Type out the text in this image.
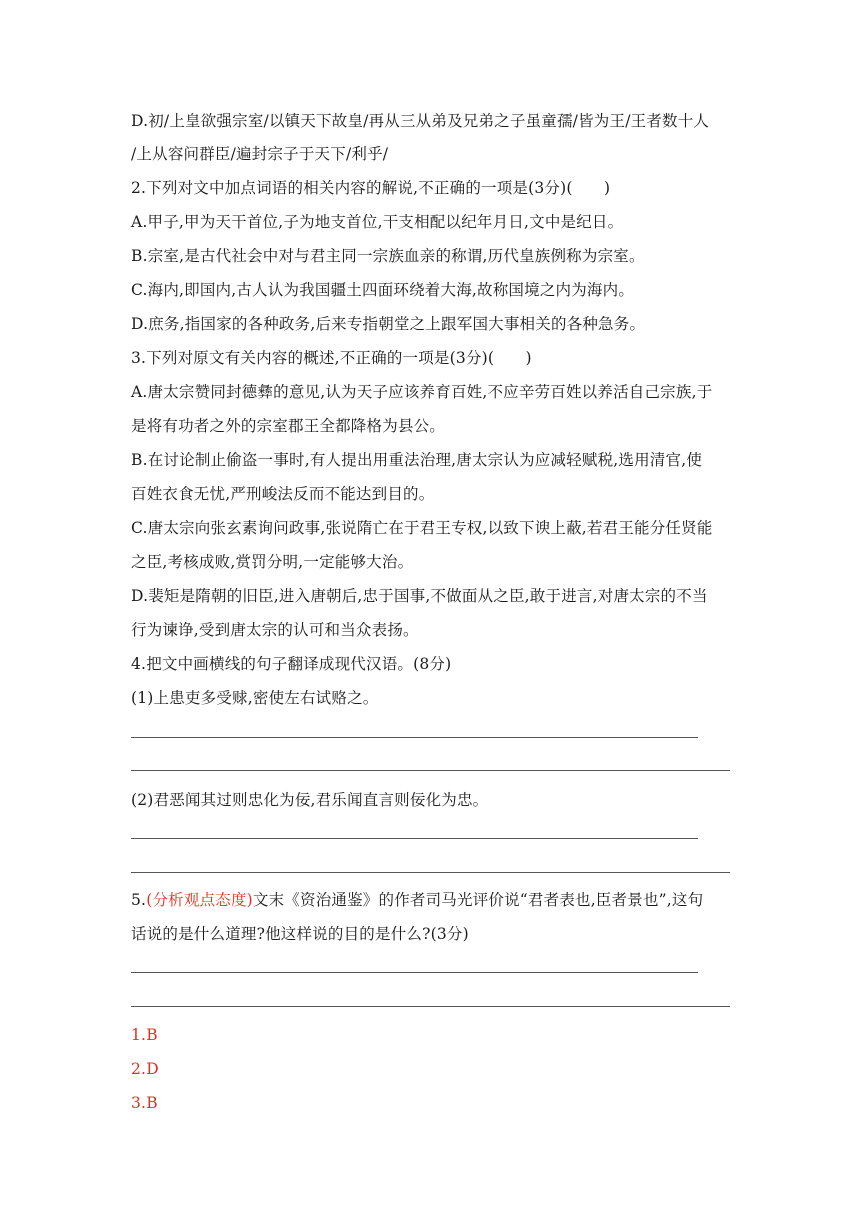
D.初/上皇欲强宗室/以镇天下故皇/再从三从弟及兄弟之子虽童孺/皆为王/王者数十人
/上从容问群臣/遍封宗子于天下/利乎/
2.下列对文中加点词语的相关内容的解说,不正确的一项是(3分)(　　)
A.甲子,甲为天干首位,子为地支首位,干支相配以纪年月日,文中是纪日。
B.宗室,是古代社会中对与君主同一宗族血亲的称谓,历代皇族例称为宗室。
C.海内,即国内,古人认为我国疆土四面环绕着大海,故称国境之内为海内。
D.庶务,指国家的各种政务,后来专指朝堂之上跟军国大事相关的各种急务。
3.下列对原文有关内容的概述,不正确的一项是(3分)(　　)
A.唐太宗赞同封德彝的意见,认为天子应该养育百姓,不应辛劳百姓以养活自己宗族,于
是将有功者之外的宗室郡王全都降格为县公。
B.在讨论制止偷盗一事时,有人提出用重法治理,唐太宗认为应减轻赋税,选用清官,使
百姓衣食无忧,严刑峻法反而不能达到目的。
C.唐太宗向张玄素询问政事,张说隋亡在于君王专权,以致下谀上蔽,若君王能分任贤能
之臣,考核成败,赏罚分明,一定能够大治。
D.裴矩是隋朝的旧臣,进入唐朝后,忠于国事,不做面从之臣,敢于进言,对唐太宗的不当
行为谏诤,受到唐太宗的认可和当众表扬。
4.把文中画横线的句子翻译成现代汉语。(8分)
(1)上患吏多受赇,密使左右试赂之。
(2)君恶闻其过则忠化为佞,君乐闻直言则佞化为忠。
5.(分析观点态度)文末《资治通鉴》的作者司马光评价说“君者表也,臣者景也”,这句
话说的是什么道理?他这样说的目的是什么?(3分)
1.B
2.D
3.B
